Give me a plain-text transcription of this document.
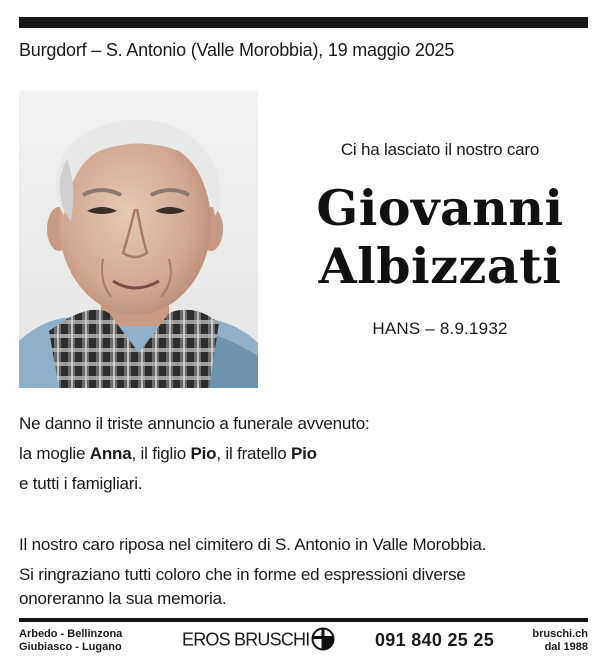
Burgdorf – S. Antonio (Valle Morobbia), 19 maggio 2025
Ci ha lasciato il nostro caro
Giovanni
Albizzati
HANS – 8.9.1932
Ne danno il triste annuncio a funerale avvenuto:
la moglie Anna, il figlio Pio, il fratello Pio
e tutti i famigliari.
Il nostro caro riposa nel cimitero di S. Antonio in Valle Morobbia.
Si ringraziano tutti coloro che in forme ed espressioni diverse
onoreranno la sua memoria.
Arbedo - Bellinzona
Giubiasco - Lugano	EROS BRUSCHI	091 840 25 25	bruschi.ch
dal 1988
